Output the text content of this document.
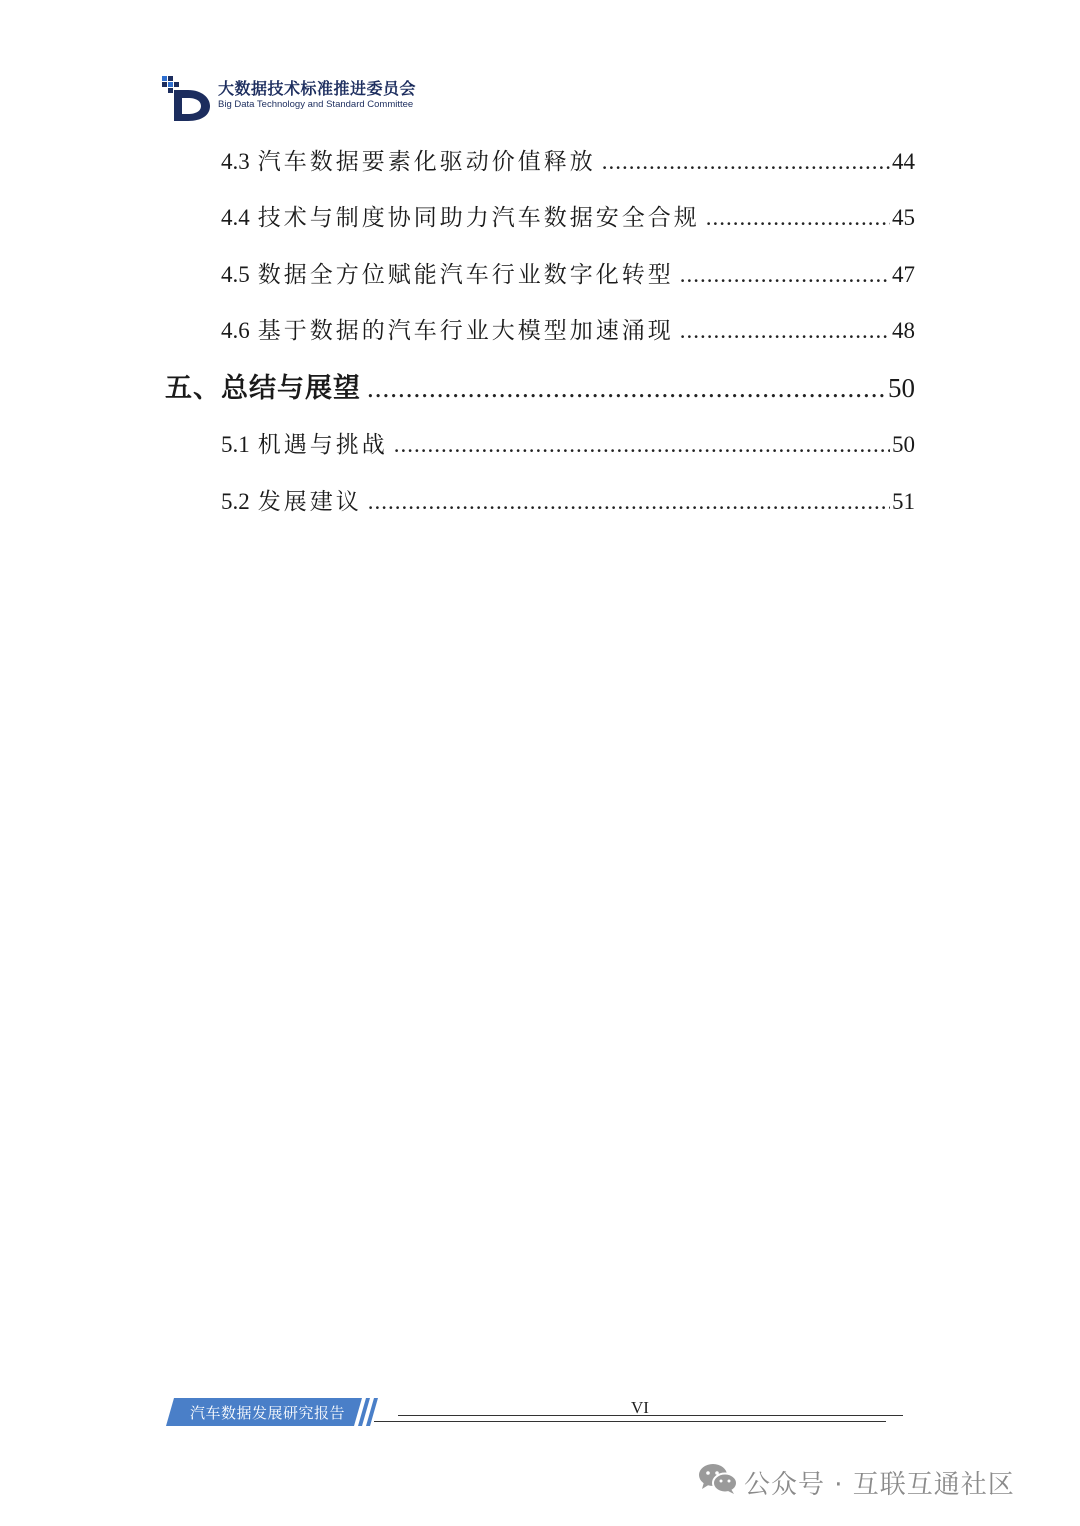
大数据技术标准推进委员会
Big Data Technology and Standard Committee
4.3 汽车数据要素化驱动价值释放 .....	44
4.4 技术与制度协同助力汽车数据安全合规 .....	45
4.5 数据全方位赋能汽车行业数字化转型 .....	47
4.6 基于数据的汽车行业大模型加速涌现 .....	48
五、总结与展望 .....	50
5.1 机遇与挑战 .....	50
5.2 发展建议 .....	51
汽车数据发展研究报告	VI
公众号 · 互联互通社区
